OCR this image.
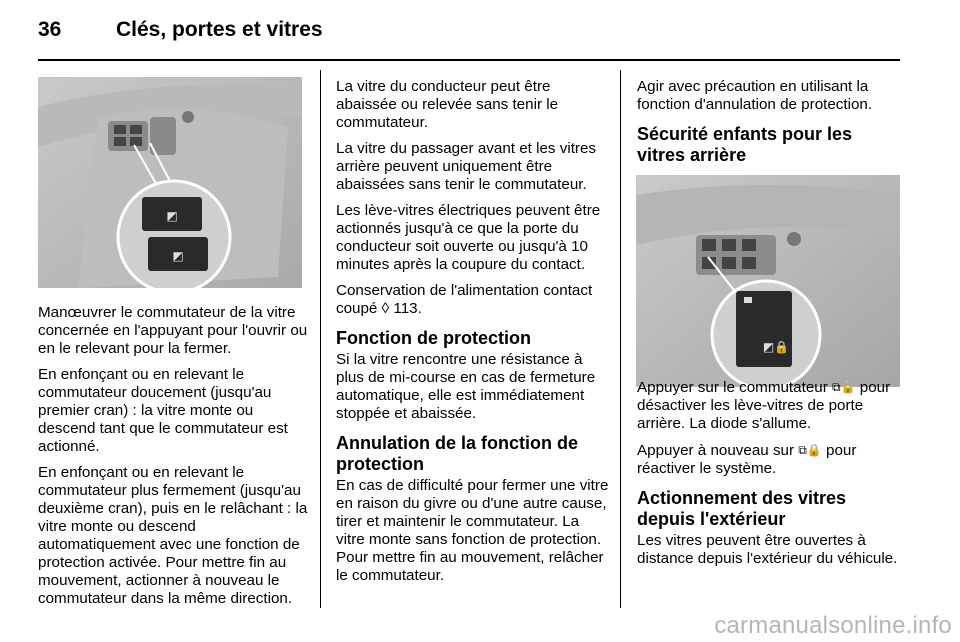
36	Clés, portes et vitres
◩
◩

Manœuvrer le commutateur de la vitre concernée en l'appuyant pour l'ouvrir ou en le relevant pour la fermer.

En enfonçant ou en relevant le commutateur doucement (jusqu'au premier cran) : la vitre monte ou descend tant que le commutateur est actionné.

En enfonçant ou en relevant le commutateur plus fermement (jusqu'au deuxième cran), puis en le relâchant : la vitre monte ou descend automatiquement avec une fonction de protection activée. Pour mettre fin au mouvement, actionner à nouveau le commutateur dans la même direction.

La vitre du conducteur peut être abaissée ou relevée sans tenir le commutateur.

La vitre du passager avant et les vitres arrière peuvent uniquement être abaissées sans tenir le commutateur.

Les lève-vitres électriques peuvent être actionnés jusqu'à ce que la porte du conducteur soit ouverte ou jusqu'à 10 minutes après la coupure du contact.

Conservation de l'alimentation contact coupé ◊ 113.

Fonction de protection

Si la vitre rencontre une résistance à plus de mi-course en cas de fermeture automatique, elle est immédiatement stoppée et abaissée.

Annulation de la fonction de protection

En cas de difficulté pour fermer une vitre en raison du givre ou d'une autre cause, tirer et maintenir le commutateur. La vitre monte sans fonction de protection. Pour mettre fin au mouvement, relâcher le commutateur.

◩🔒

Agir avec précaution en utilisant la fonction d'annulation de protection.

Sécurité enfants pour les vitres arrière

Appuyer sur le commutateur ⧉🔒 pour désactiver les lève-vitres de porte arrière. La diode s'allume.

Appuyer à nouveau sur ⧉🔒 pour réactiver le système.

Actionnement des vitres depuis l'extérieur

Les vitres peuvent être ouvertes à distance depuis l'extérieur du véhicule.

carmanualsonline.info
